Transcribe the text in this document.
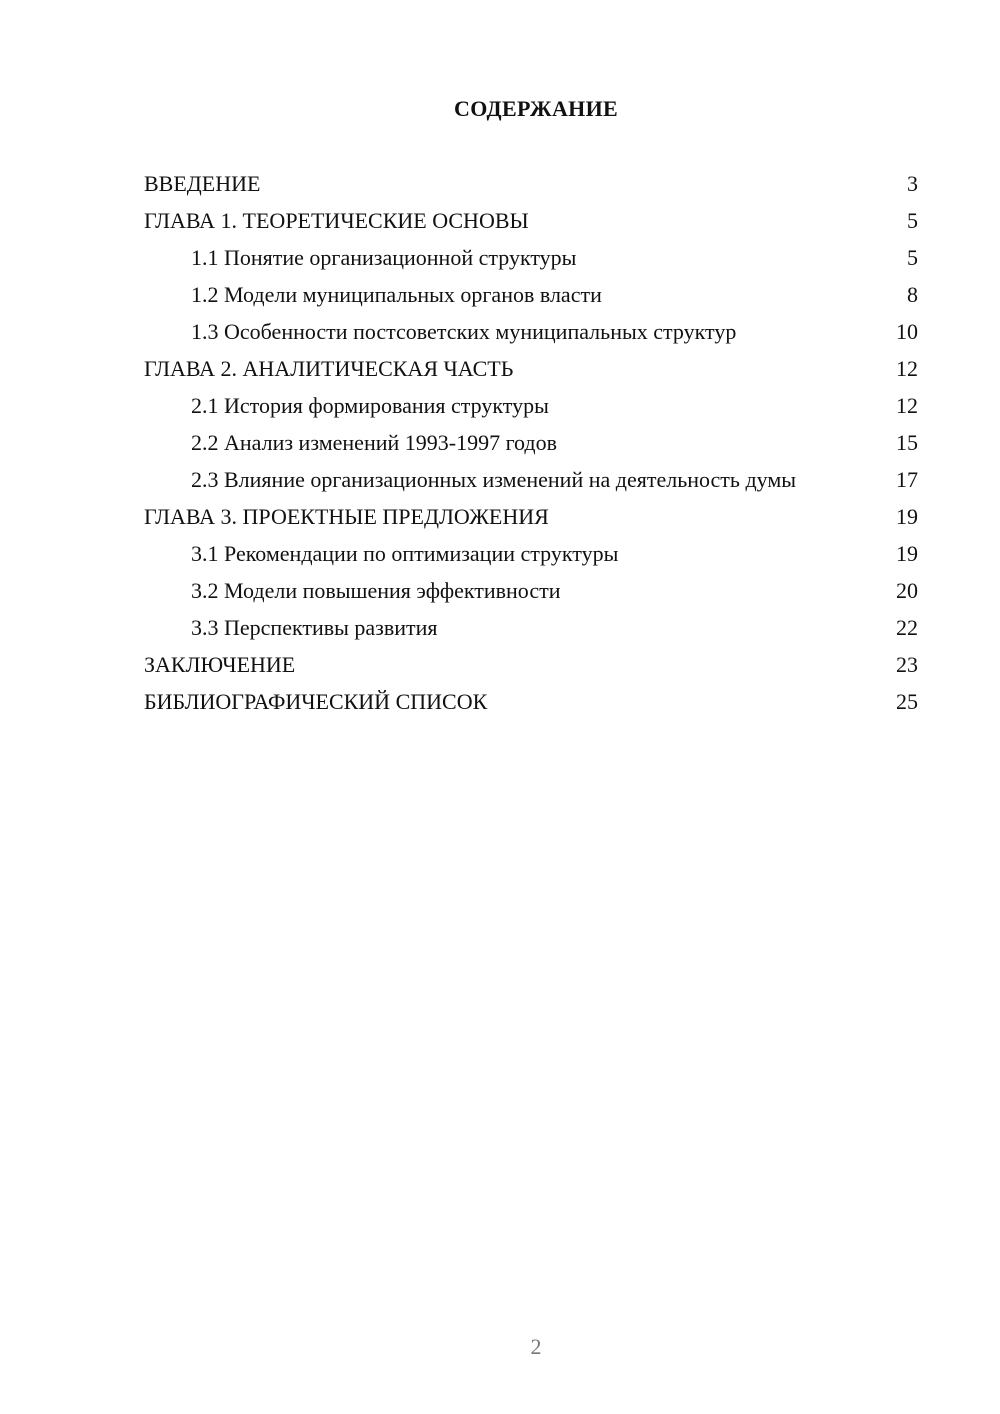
СОДЕРЖАНИЕ
ВВЕДЕНИЕ	3
ГЛАВА 1. ТЕОРЕТИЧЕСКИЕ ОСНОВЫ	5
1.1 Понятие организационной структуры	5
1.2 Модели муниципальных органов власти	8
1.3 Особенности постсоветских муниципальных структур	10
ГЛАВА 2. АНАЛИТИЧЕСКАЯ ЧАСТЬ	12
2.1 История формирования структуры	12
2.2 Анализ изменений 1993-1997 годов	15
2.3 Влияние организационных изменений на деятельность думы	17
ГЛАВА 3. ПРОЕКТНЫЕ ПРЕДЛОЖЕНИЯ	19
3.1 Рекомендации по оптимизации структуры	19
3.2 Модели повышения эффективности	20
3.3 Перспективы развития	22
ЗАКЛЮЧЕНИЕ	23
БИБЛИОГРАФИЧЕСКИЙ СПИСОК	25
2
